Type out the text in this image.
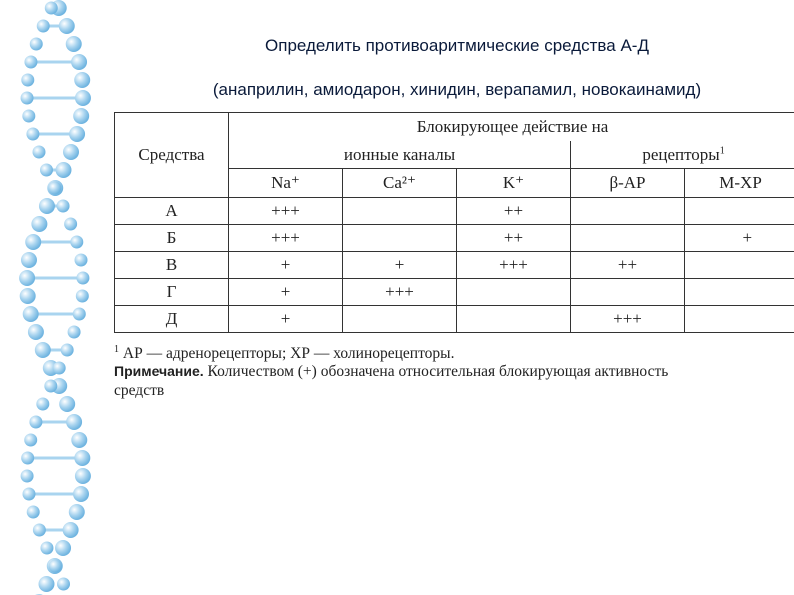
Определить противоаритмические средства А-Д
(анаприлин, амиодарон, хинидин, верапамил, новокаинамид)
Средства	Блокирующее действие на				
	ионные каналы			рецепторы$^1$
	Na⁺	Ca²⁺	K⁺	β-АР	М-ХР
А	+++		++		
Б	+++		++		+
В	+	+	+++	++	
Г	+	+++			
Д	+			+++	
$^1$ АР — адренорецепторы; ХР — холинорецепторы.
Примечание. Количеством (+) обозначена относительная блокирующая активность
средств
